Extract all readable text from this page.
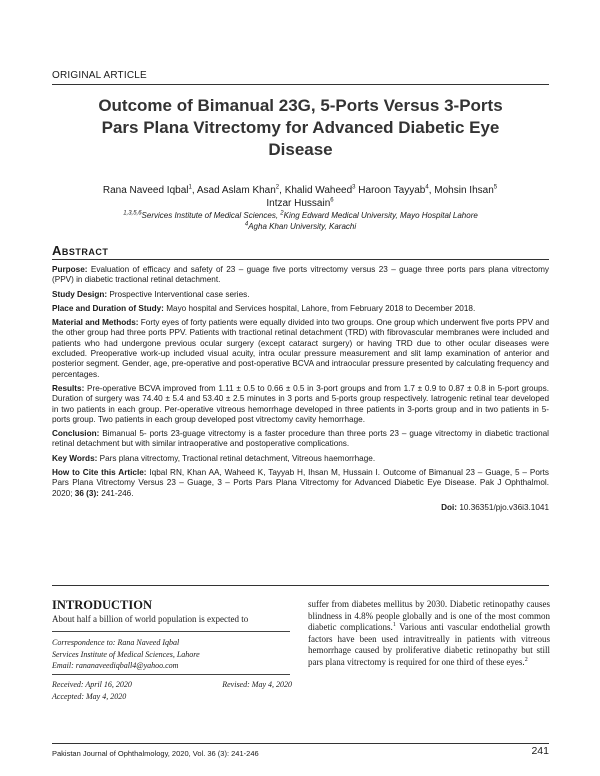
ORIGINAL ARTICLE
Outcome of Bimanual 23G, 5-Ports Versus 3-Ports
Pars Plana Vitrectomy for Advanced Diabetic Eye
Disease
Rana Naveed Iqbal$^1$, Asad Aslam Khan$^2$, Khalid Waheed$^3$ Haroon Tayyab$^4$, Mohsin Ihsan$^5$
Intzar Hussain$^6$
$^{1,3,5,6}$Services Institute of Medical Sciences, $^2$King Edward Medical University, Mayo Hospital Lahore
$^4$Agha Khan University, Karachi
Abstract

Purpose: Evaluation of efficacy and safety of 23 – guage five ports vitrectomy versus 23 – guage three ports pars plana vitrectomy (PPV) in diabetic tractional retinal detachment.

Study Design: Prospective Interventional case series.

Place and Duration of Study: Mayo hospital and Services hospital, Lahore, from February 2018 to December 2018.

Material and Methods: Forty eyes of forty patients were equally divided into two groups. One group which underwent five ports PPV and the other group had three ports PPV. Patients with tractional retinal detachment (TRD) with fibrovascular membranes were included and patients who had undergone previous ocular surgery (except cataract surgery) or having TRD due to other ocular diseases were excluded. Preoperative work-up included visual acuity, intra ocular pressure measurement and slit lamp examination of anterior and posterior segment. Gender, age, pre-operative and post-operative BCVA and intraocular pressure presented by calculating frequency and percentages.

Results: Pre-operative BCVA improved from 1.11 ± 0.5 to 0.66 ± 0.5 in 3-port groups and from 1.7 ± 0.9 to 0.87 ± 0.8 in 5-port groups. Duration of surgery was 74.40 ± 5.4 and 53.40 ± 2.5 minutes in 3 ports and 5-ports group respectively. Iatrogenic retinal tear developed in two patients in each group. Per-operative vitreous hemorrhage developed in three patients in 3-ports group and in two patients in 5-ports group. Two patients in each group developed post vitrectomy cavity hemorrhage.

Conclusion: Bimanual 5- ports 23-guage vitrectomy is a faster procedure than three ports 23 – guage vitrectomy in diabetic tractional retinal detachment but with similar intraoperative and postoperative complications.

Key Words: Pars plana vitrectomy, Tractional retinal detachment, Vitreous haemorrhage.

How to Cite this Article: Iqbal RN, Khan AA, Waheed K, Tayyab H, Ihsan M, Hussain I. Outcome of Bimanual 23 – Guage, 5 – Ports Pars Plana Vitrectomy Versus 23 – Guage, 3 – Ports Pars Plana Vitrectomy for Advanced Diabetic Eye Disease. Pak J Ophthalmol. 2020; 36 (3): 241-246.

Doi: 10.36351/pjo.v36i3.1041
INTRODUCTION
About half a billion of world population is expected to
Correspondence to: Rana Naveed Iqbal
Services Institute of Medical Sciences, Lahore
Email: rananaveediqball4@yahoo.com
Received: April 16, 2020	Revised: May 4, 2020
Accepted: May 4, 2020
suffer from diabetes mellitus by 2030. Diabetic retinopathy causes blindness in 4.8% people globally and is one of the most common diabetic complications.$^1$ Various anti vascular endothelial growth factors have been used intravitreally in patients with vitreous hemorrhage caused by proliferative diabetic retinopathy but still pars plana vitrectomy is required for one third of these eyes.$^2$
Pakistan Journal of Ophthalmology, 2020, Vol. 36 (3): 241-246	241
